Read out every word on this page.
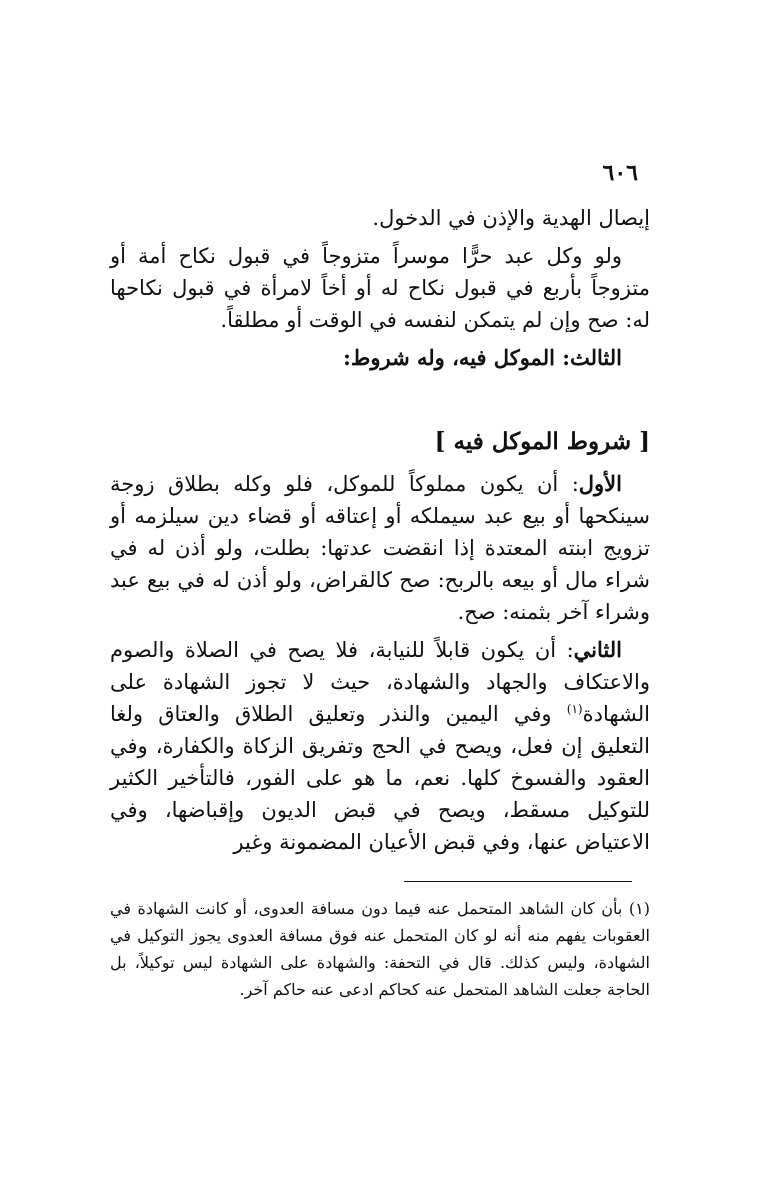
٦٠٦

إيصال الهدية والإذن في الدخول.

ولو وكل عبد حرًّا موسراً متزوجاً في قبول نكاح أمة أو متزوجاً بأربع في قبول نكاح له أو أخاً لامرأة في قبول نكاحها له: صح وإن لم يتمكن لنفسه في الوقت أو مطلقاً.

الثالث: الموكل فيه، وله شروط:

[ شروط الموكل فيه ]

الأول: أن يكون مملوكاً للموكل، فلو وكله بطلاق زوجة سينكحها أو بيع عبد سيملكه أو إعتاقه أو قضاء دين سيلزمه أو تزويج ابنته المعتدة إذا انقضت عدتها: بطلت، ولو أذن له في شراء مال أو بيعه بالربح: صح كالقراض، ولو أذن له في بيع عبد وشراء آخر بثمنه: صح.

الثاني: أن يكون قابلاً للنيابة، فلا يصح في الصلاة والصوم والاعتكاف والجهاد والشهادة، حيث لا تجوز الشهادة على الشهادة$^{(١)}$ وفي اليمين والنذر وتعليق الطلاق والعتاق ولغا التعليق إن فعل، ويصح في الحج وتفريق الزكاة والكفارة، وفي العقود والفسوخ كلها. نعم، ما هو على الفور، فالتأخير الكثير للتوكيل مسقط، ويصح في قبض الديون وإقباضها، وفي الاعتياض عنها، وفي قبض الأعيان المضمونة وغير

(١) بأن كان الشاهد المتحمل عنه فيما دون مسافة العدوى، أو كانت الشهادة في العقوبات يفهم منه أنه لو كان المتحمل عنه فوق مسافة العدوى يجوز التوكيل في الشهادة، وليس كذلك. قال في التحفة: والشهادة على الشهادة ليس توكيلاً، بل الحاجة جعلت الشاهد المتحمل عنه كحاكم ادعى عنه حاكم آخر.
